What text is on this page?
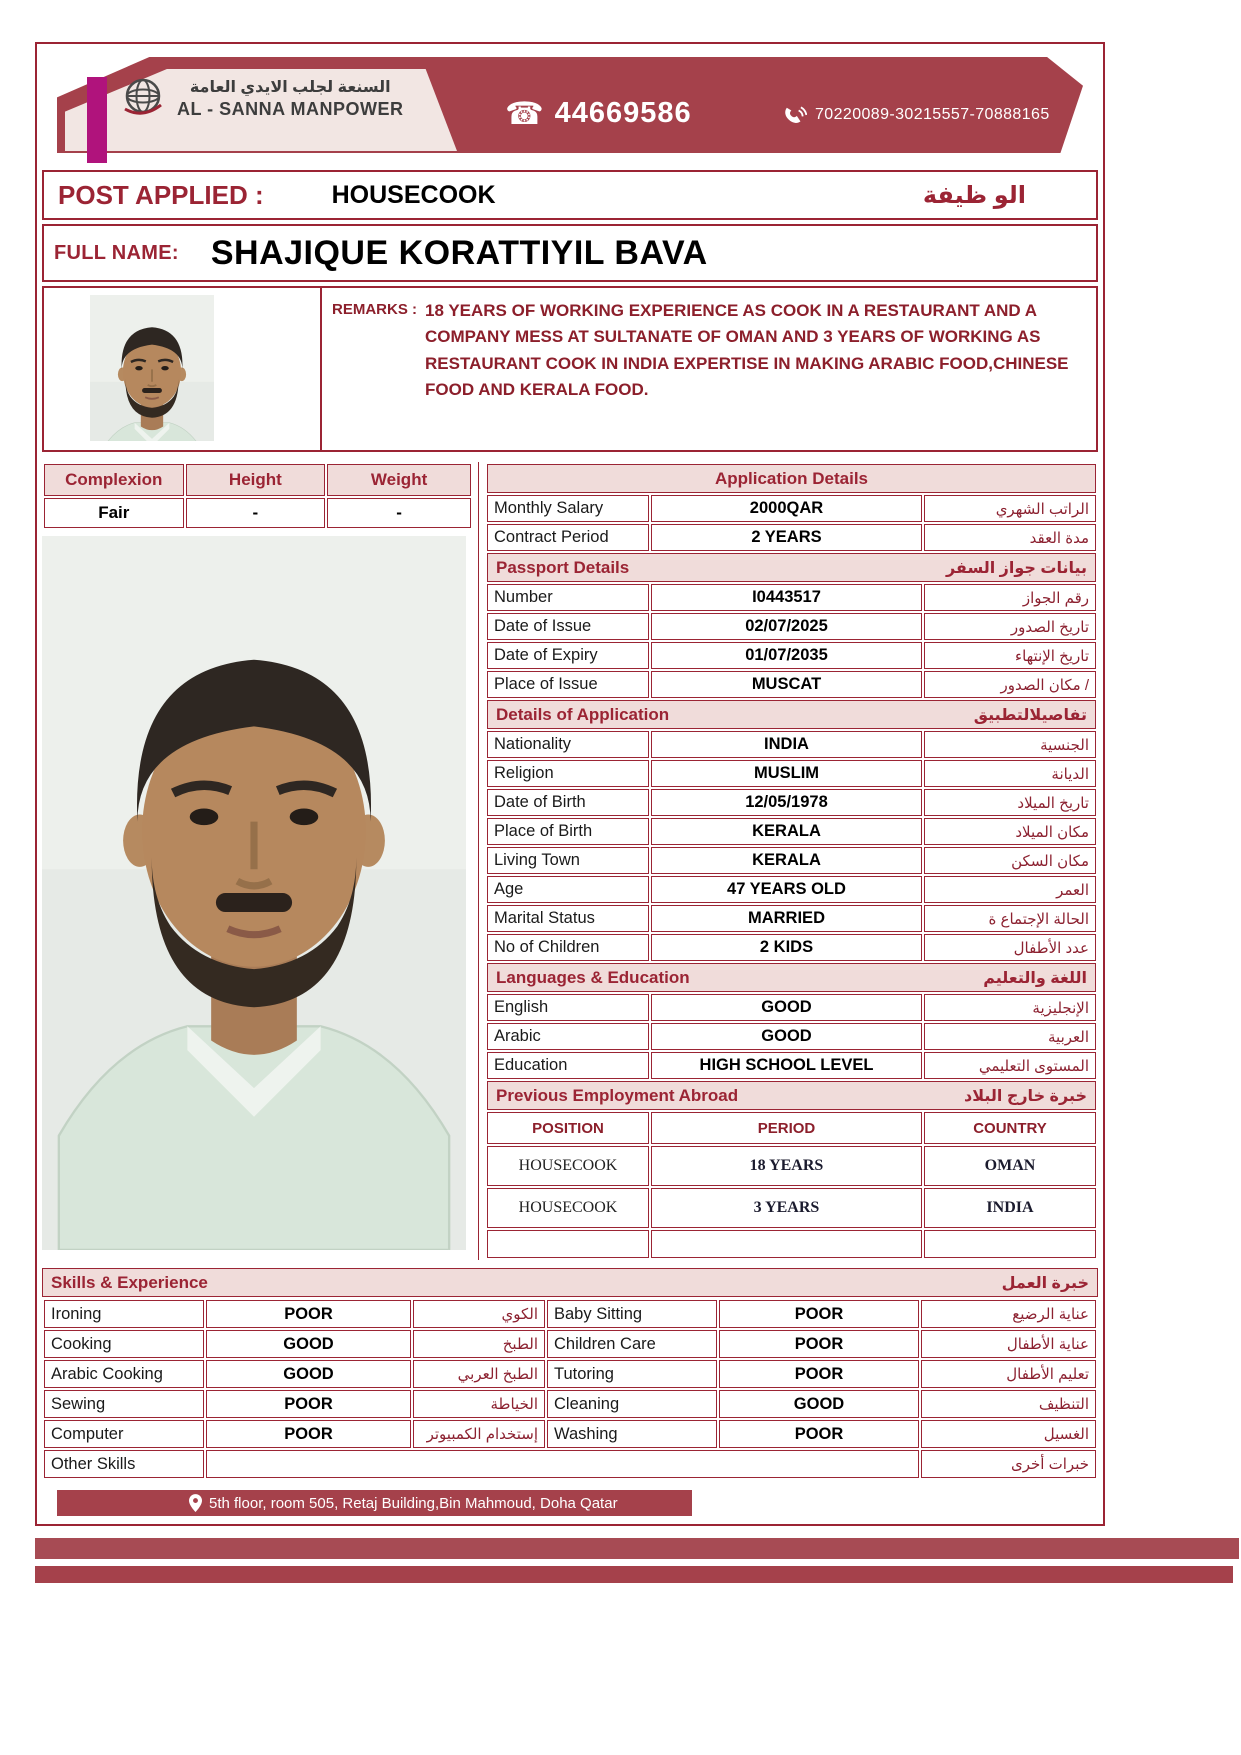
السنعة لجلب الايدي العامة
AL - SANNA MANPOWER	☎ 44669586	70220089-30215557-70888165
POST APPLIED :	HOUSECOOK	الو ظيفة
FULL NAME: SHAJIQUE KORATTIYIL BAVA
REMARKS : 18 YEARS OF WORKING EXPERIENCE AS COOK IN A RESTAURANT AND A COMPANY MESS AT SULTANATE OF OMAN AND 3 YEARS OF WORKING AS RESTAURANT COOK IN INDIA EXPERTISE IN MAKING ARABIC FOOD,CHINESE FOOD AND KERALA FOOD.
Complexion	Height	Weight
Fair	-	-
Application Details		

Monthly Salary	2000QAR	الراتب الشهري
Contract Period	2 YEARS	مدة العقد

Passport Details بيانات جواز السفر		

Number	I0443517	رقم الجواز
Date of Issue	02/07/2025	تاريخ الصدور
Date of Expiry	01/07/2035	تاريخ الإنتهاء
Place of Issue	MUSCAT	مكان الصدور /

Details of Application تفاصيلالتطبيق		

Nationality	INDIA	الجنسية
Religion	MUSLIM	الديانة
Date of Birth	12/05/1978	تاريخ الميلاد
Place of Birth	KERALA	مكان الميلاد
Living Town	KERALA	مكان السكن
Age	47 YEARS OLD	العمر
Marital Status	MARRIED	الحالة الإجتماع ة
No of Children	2 KIDS	عدد الأطفال

Languages & Education اللغة والتعليم		

English	GOOD	الإنجليزية
Arabic	GOOD	العربية
Education	HIGH SCHOOL LEVEL	المستوى التعليمي

Previous Employment Abroad خبرة خارج البلاد		

POSITION	PERIOD	COUNTRY
HOUSECOOK	18 YEARS	OMAN
HOUSECOOK	3 YEARS	INDIA

Skills & Experience	خبرة العمل
Ironing	POOR	الكوي	Baby Sitting	POOR	عناية الرضيع
Cooking	GOOD	الطبخ	Children Care	POOR	عناية الأطفال
Arabic Cooking	GOOD	الطبخ العربي	Tutoring	POOR	تعليم الأطفال
Sewing	POOR	الخياطة	Cleaning	GOOD	التنظيف
Computer	POOR	إستخدام الكمبيوتر	Washing	POOR	الغسيل
Other Skills					خبرات أخرى
5th floor, room 505, Retaj Building,Bin Mahmoud, Doha Qatar
